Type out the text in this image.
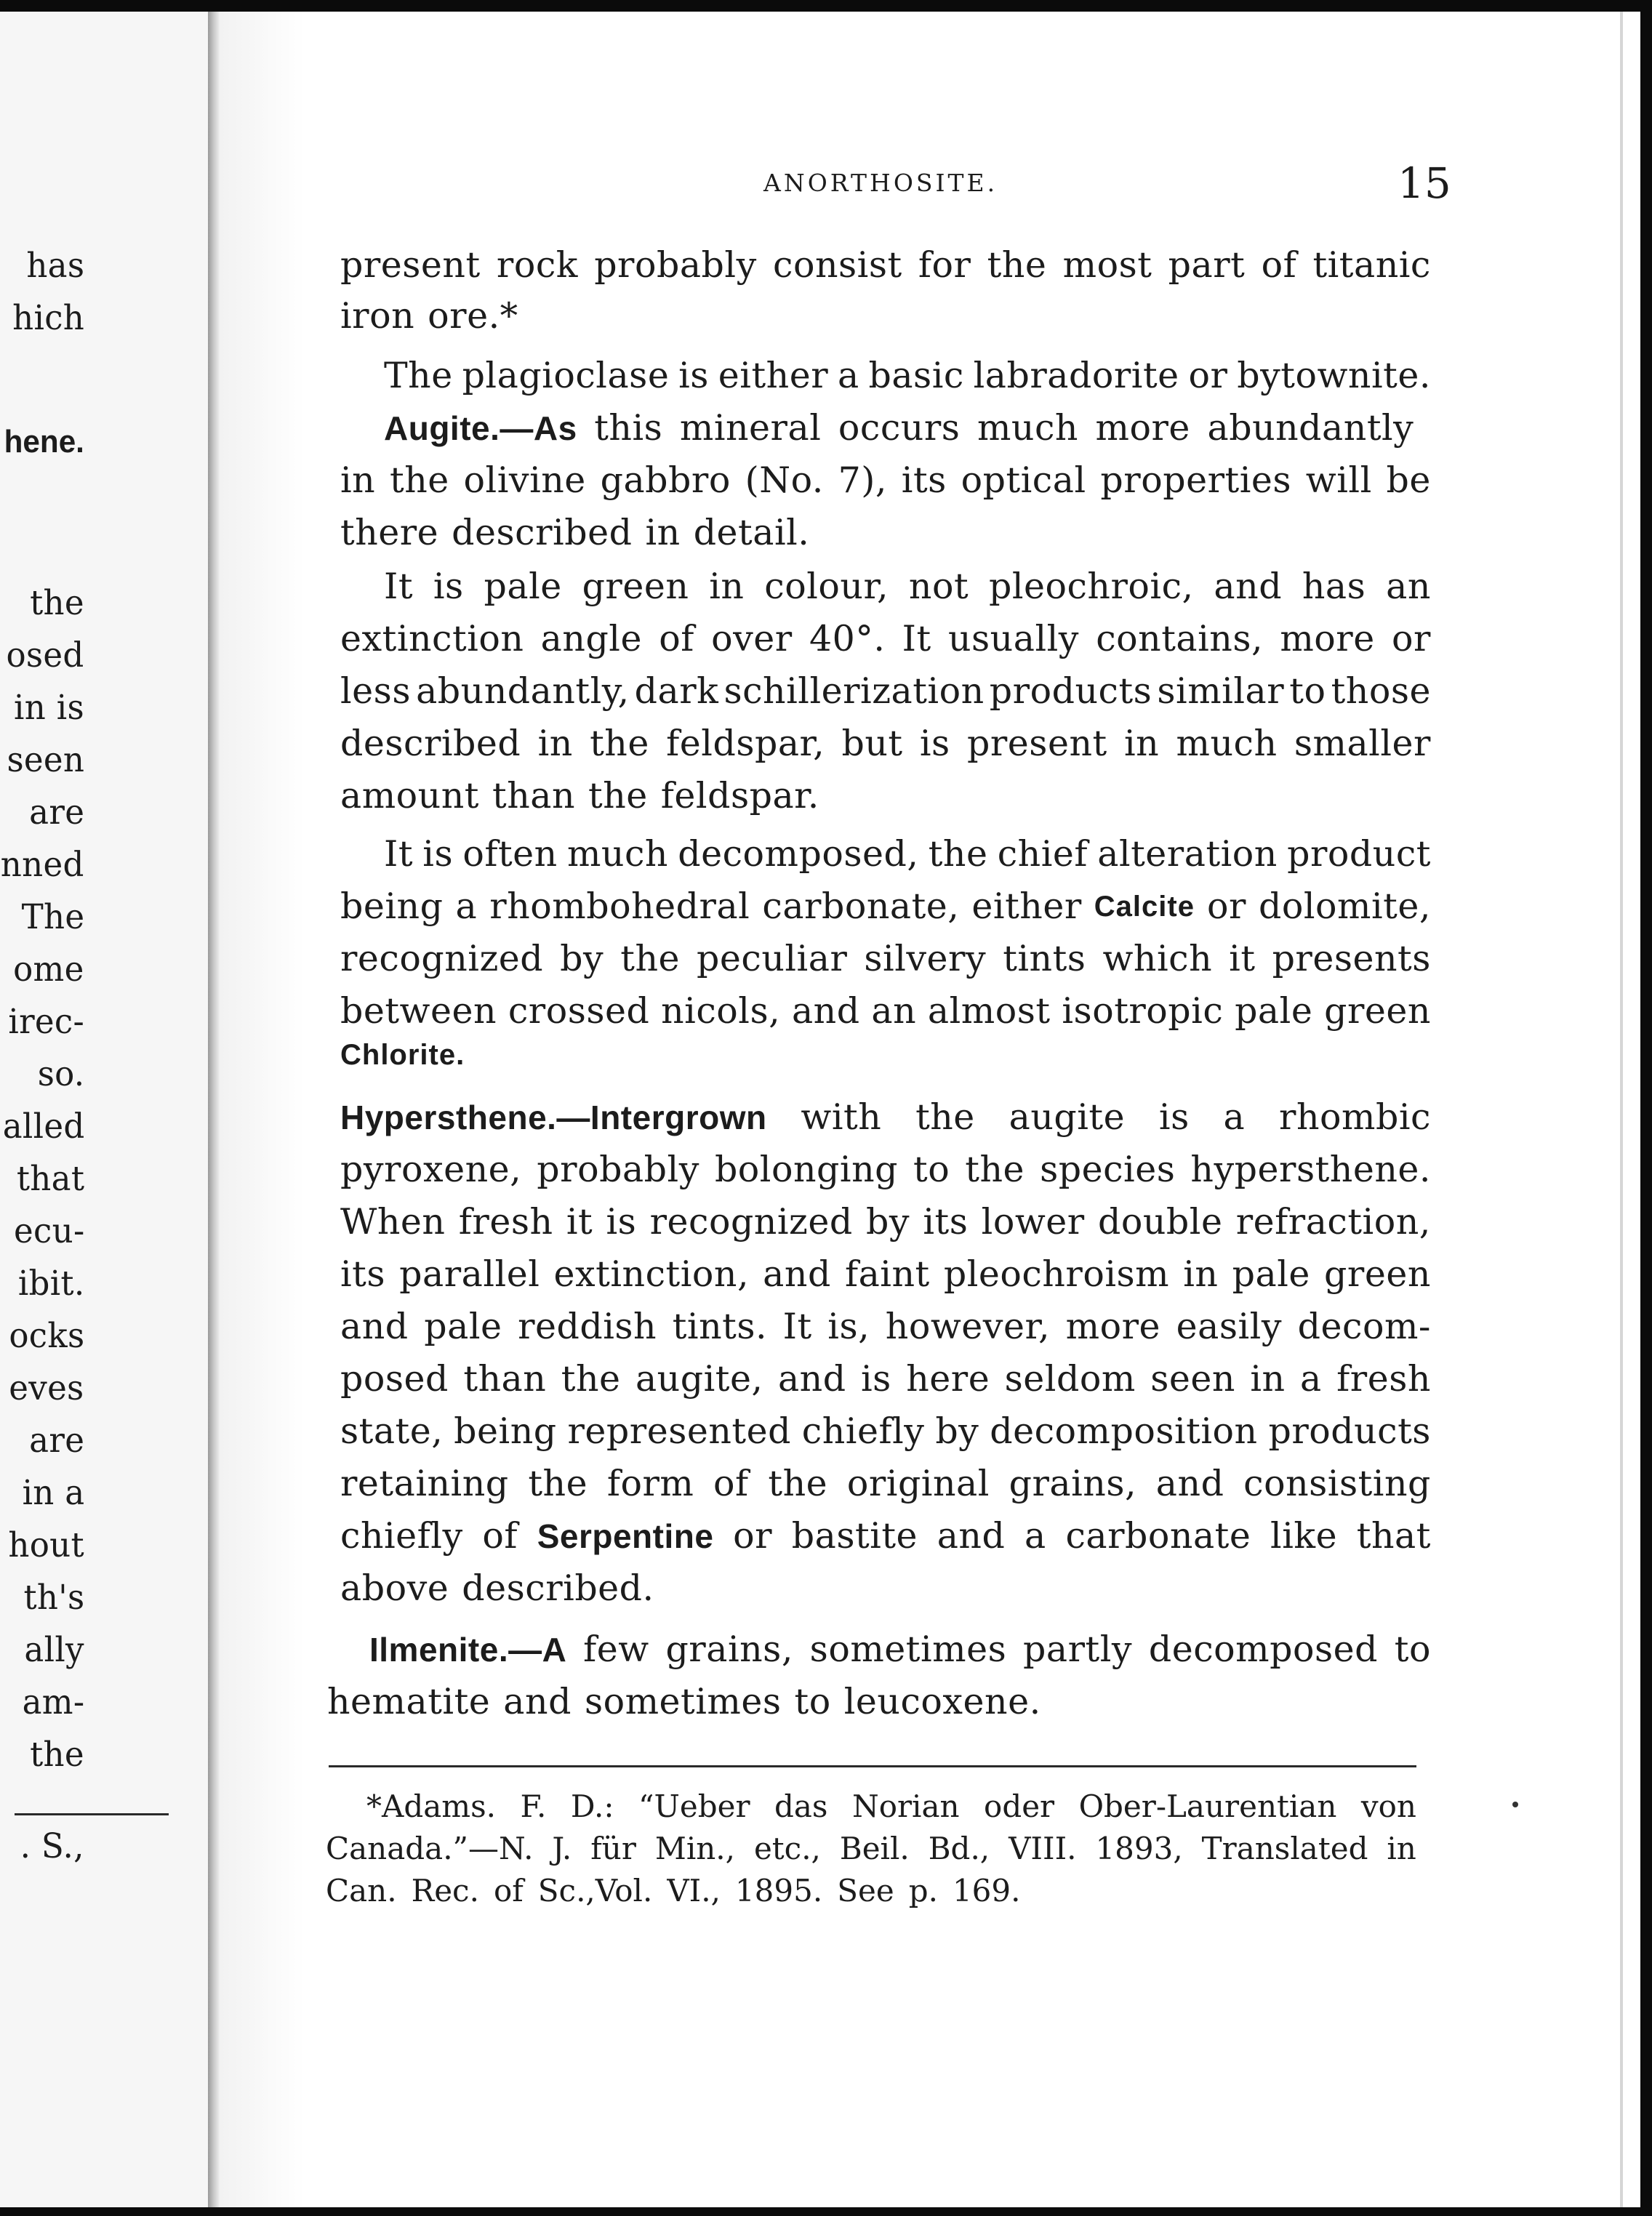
has
hich
hene.
the
osed
in is
seen
are
nned
The
ome
irec-
so.
alled
that
ecu-
ibit.
ocks
eves
are
in a
hout
th's
ally
am-
the
. S.,
ANORTHOSITE.	15
present rock probably consist for the most part of titanic
iron ore.*
The plagioclase is either a basic labradorite or bytownite.
Augite.—As this mineral occurs much more abundantly
in the olivine gabbro (No. 7), its optical properties will be
there described in detail.
It is pale green in colour, not pleochroic, and has an
extinction angle of over 40°. It usually contains, more or
less abundantly, dark schillerization products similar to those
described in the feldspar, but is present in much smaller
amount than the feldspar.
It is often much decomposed, the chief alteration product
being a rhombohedral carbonate, either Calcite or dolomite,
recognized by the peculiar silvery tints which it presents
between crossed nicols, and an almost isotropic pale green
Chlorite.
Hypersthene.—Intergrown with the augite is a rhombic
pyroxene, probably bolonging to the species hypersthene.
When fresh it is recognized by its lower double refraction,
its parallel extinction, and faint pleochroism in pale green
and pale reddish tints. It is, however, more easily decom-
posed than the augite, and is here seldom seen in a fresh
state, being represented chiefly by decomposition products
retaining the form of the original grains, and consisting
chiefly of Serpentine or bastite and a carbonate like that
above described.
Ilmenite.—A few grains, sometimes partly decomposed to
hematite and sometimes to leucoxene.
*Adams. F. D.: “Ueber das Norian oder Ober-Laurentian von
Canada.”—N. J. für Min., etc., Beil. Bd., VIII. 1893, Translated in
Can. Rec. of Sc.,Vol. VI., 1895. See p. 169.
